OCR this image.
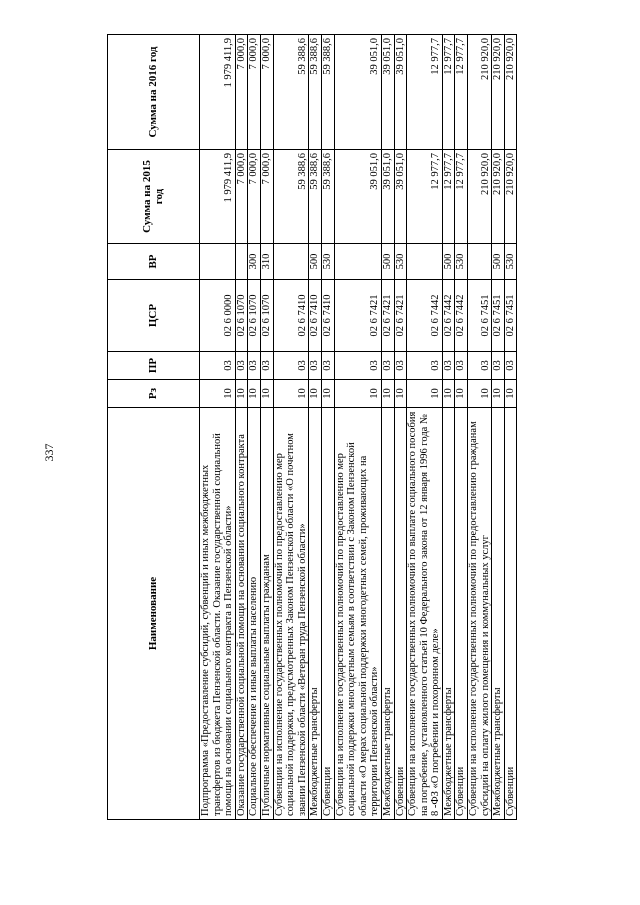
337
Наименование	Рз	ПР	ЦСР	ВР	Сумма на 2015 год	Сумма на 2016 год
Подпрограмма «Предоставление субсидий, субвенций и иных межбюджетных трансфертов из бюджета Пензенской области. Оказание государственной социальной помощи на основании социального контракта в Пензенской области»	10	03	02 6 0000		1 979 411,9	1 979 411,9
Оказание государственной социальной помощи на основании социального контракта	10	03	02 6 1070		7 000,0	7 000,0
Социальное обеспечение и иные выплаты населению	10	03	02 6 1070	300	7 000,0	7 000,0
Публичные нормативные социальные выплаты гражданам	10	03	02 6 1070	310	7 000,0	7 000,0
Субвенции на исполнение государственных полномочий по предоставлению мер социальной поддержки, предусмотренных Законом Пензенской области «О почетном звании Пензенской области «Ветеран труда Пензенской области»	10	03	02 6 7410		59 388,6	59 388,6
Межбюджетные трансферты	10	03	02 6 7410	500	59 388,6	59 388,6
Субвенции	10	03	02 6 7410	530	59 388,6	59 388,6
Субвенции на исполнение государственных полномочий по предоставлению мер социальной поддержки многодетным семьям в соответствии с Законом Пензенской области «О мерах социальной поддержки многодетных семей, проживающих на территории Пензенской области»	10	03	02 6 7421		39 051,0	39 051,0
Межбюджетные трансферты	10	03	02 6 7421	500	39 051,0	39 051,0
Субвенции	10	03	02 6 7421	530	39 051,0	39 051,0
Субвенции на исполнение государственных полномочий по выплате социального пособия на погребение, установленного статьей 10 Федерального закона от 12 января 1996 года № 8 -ФЗ «О погребении и похоронном деле»	10	03	02 6 7442		12 977,7	12 977,7
Межбюджетные трансферты	10	03	02 6 7442	500	12 977,7	12 977,7
Субвенции	10	03	02 6 7442	530	12 977,7	12 977,7
Субвенции на исполнение государственных полномочий по предоставлению гражданам субсидий на оплату жилого помещения и коммунальных услуг	10	03	02 6 7451		210 920,0	210 920,0
Межбюджетные трансферты	10	03	02 6 7451	500	210 920,0	210 920,0
Субвенции	10	03	02 6 7451	530	210 920,0	210 920,0
